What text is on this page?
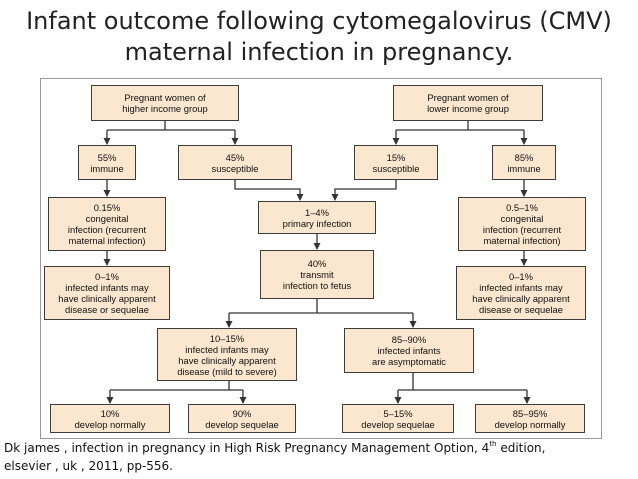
Infant outcome following cytomegalovirus (CMV)
maternal infection in pregnancy.
Pregnant women of
higher income group
Pregnant women of
lower income group
55%
immune
45%
susceptible
15%
susceptible
85%
immune
0.15%
congenital
infection (recurrent
maternal infection)
1–4%
primary infection
0.5–1%
congenital
infection (recurrent
maternal infection)
0–1%
infected infants may
have clinically apparent
disease or sequelae
40%
transmit
infection to fetus
0–1%
infected infants may
have clinically apparent
disease or sequelae
10–15%
infected infants may
have clinically apparent
disease (mild to severe)
85–90%
infected infants
are asymptomatic
10%
develop normally
90%
develop sequelae
5–15%
develop sequelae
85–95%
develop normally
Dk james , infection in pregnancy in High Risk Pregnancy Management Option, 4th edition,
elsevier , uk , 2011, pp-556.
